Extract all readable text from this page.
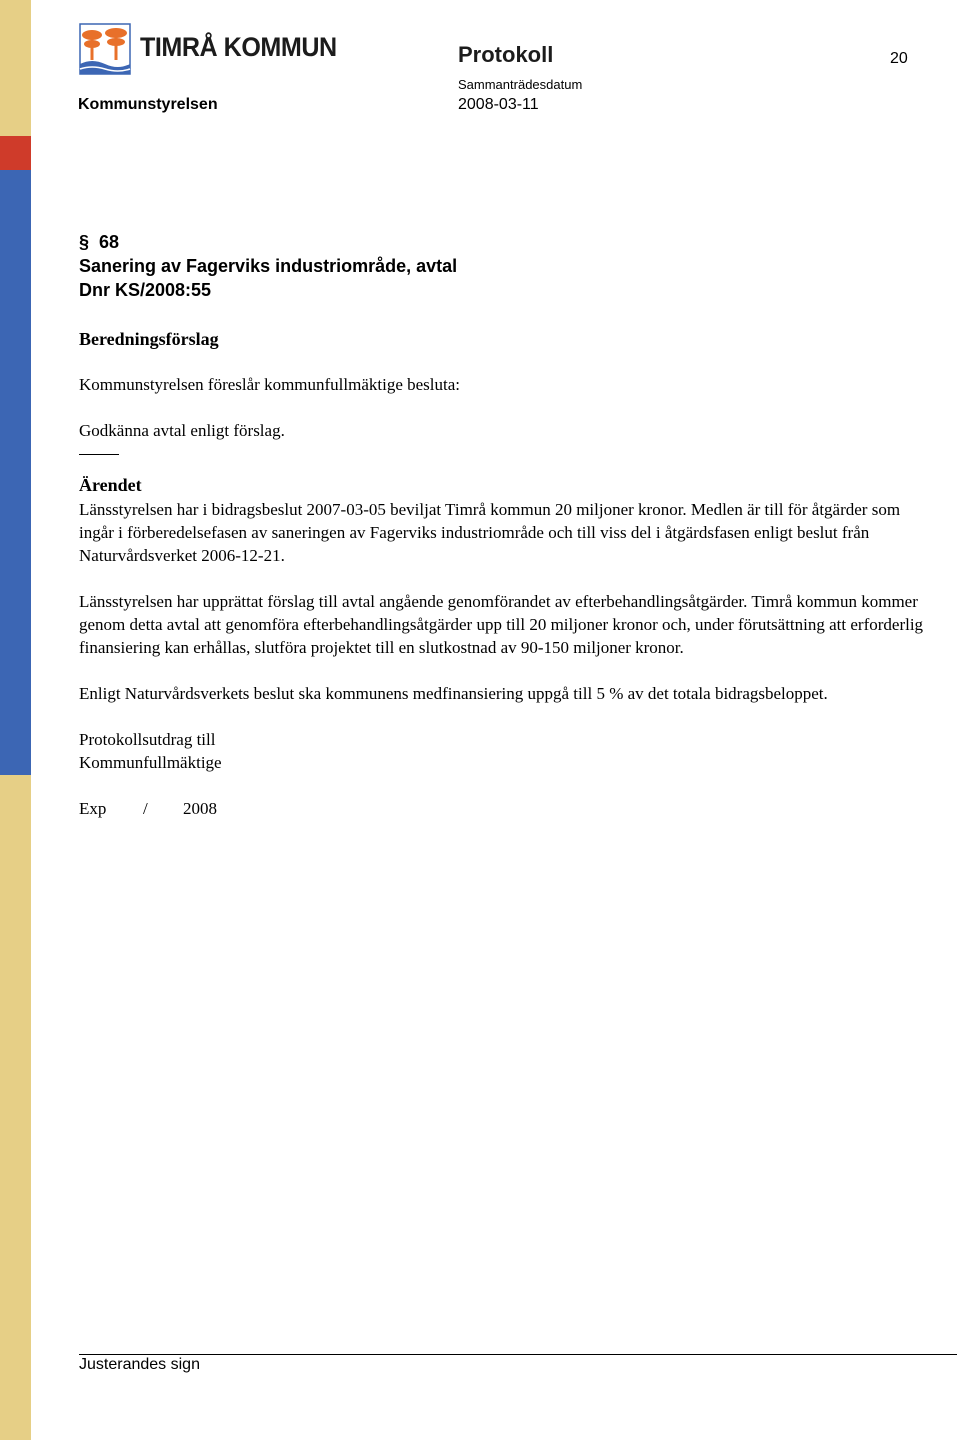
TIMRÅ KOMMUN	Protokoll	20
Sammanträdesdatum
Kommunstyrelsen	2008-03-11
§ 68
Sanering av Fagerviks industriområde, avtal
Dnr KS/2008:55
Beredningsförslag

Kommunstyrelsen föreslår kommunfullmäktige besluta:

Godkänna avtal enligt förslag.

Ärendet

Länsstyrelsen har i bidragsbeslut 2007-03-05 beviljat Timrå kommun 20 miljoner kronor. Medlen är till för åtgärder som ingår i förberedelsefasen av saneringen av Fagerviks industriområde och till viss del i åtgärdsfasen enligt beslut från Naturvårdsverket 2006-12-21.

Länsstyrelsen har upprättat förslag till avtal angående genomförandet av efterbehandlingsåtgärder. Timrå kommun kommer genom detta avtal att genomföra efterbehandlingsåtgärder upp till 20 miljoner kronor och, under förutsättning att erforderlig finansiering kan erhållas, slutföra projektet till en slutkostnad av 90-150 miljoner kronor.

Enligt Naturvårdsverkets beslut ska kommunens medfinansiering uppgå till 5 % av det totala bidragsbeloppet.

Protokollsutdrag till

Kommunfullmäktige

Exp / 2008

Justerandes sign
